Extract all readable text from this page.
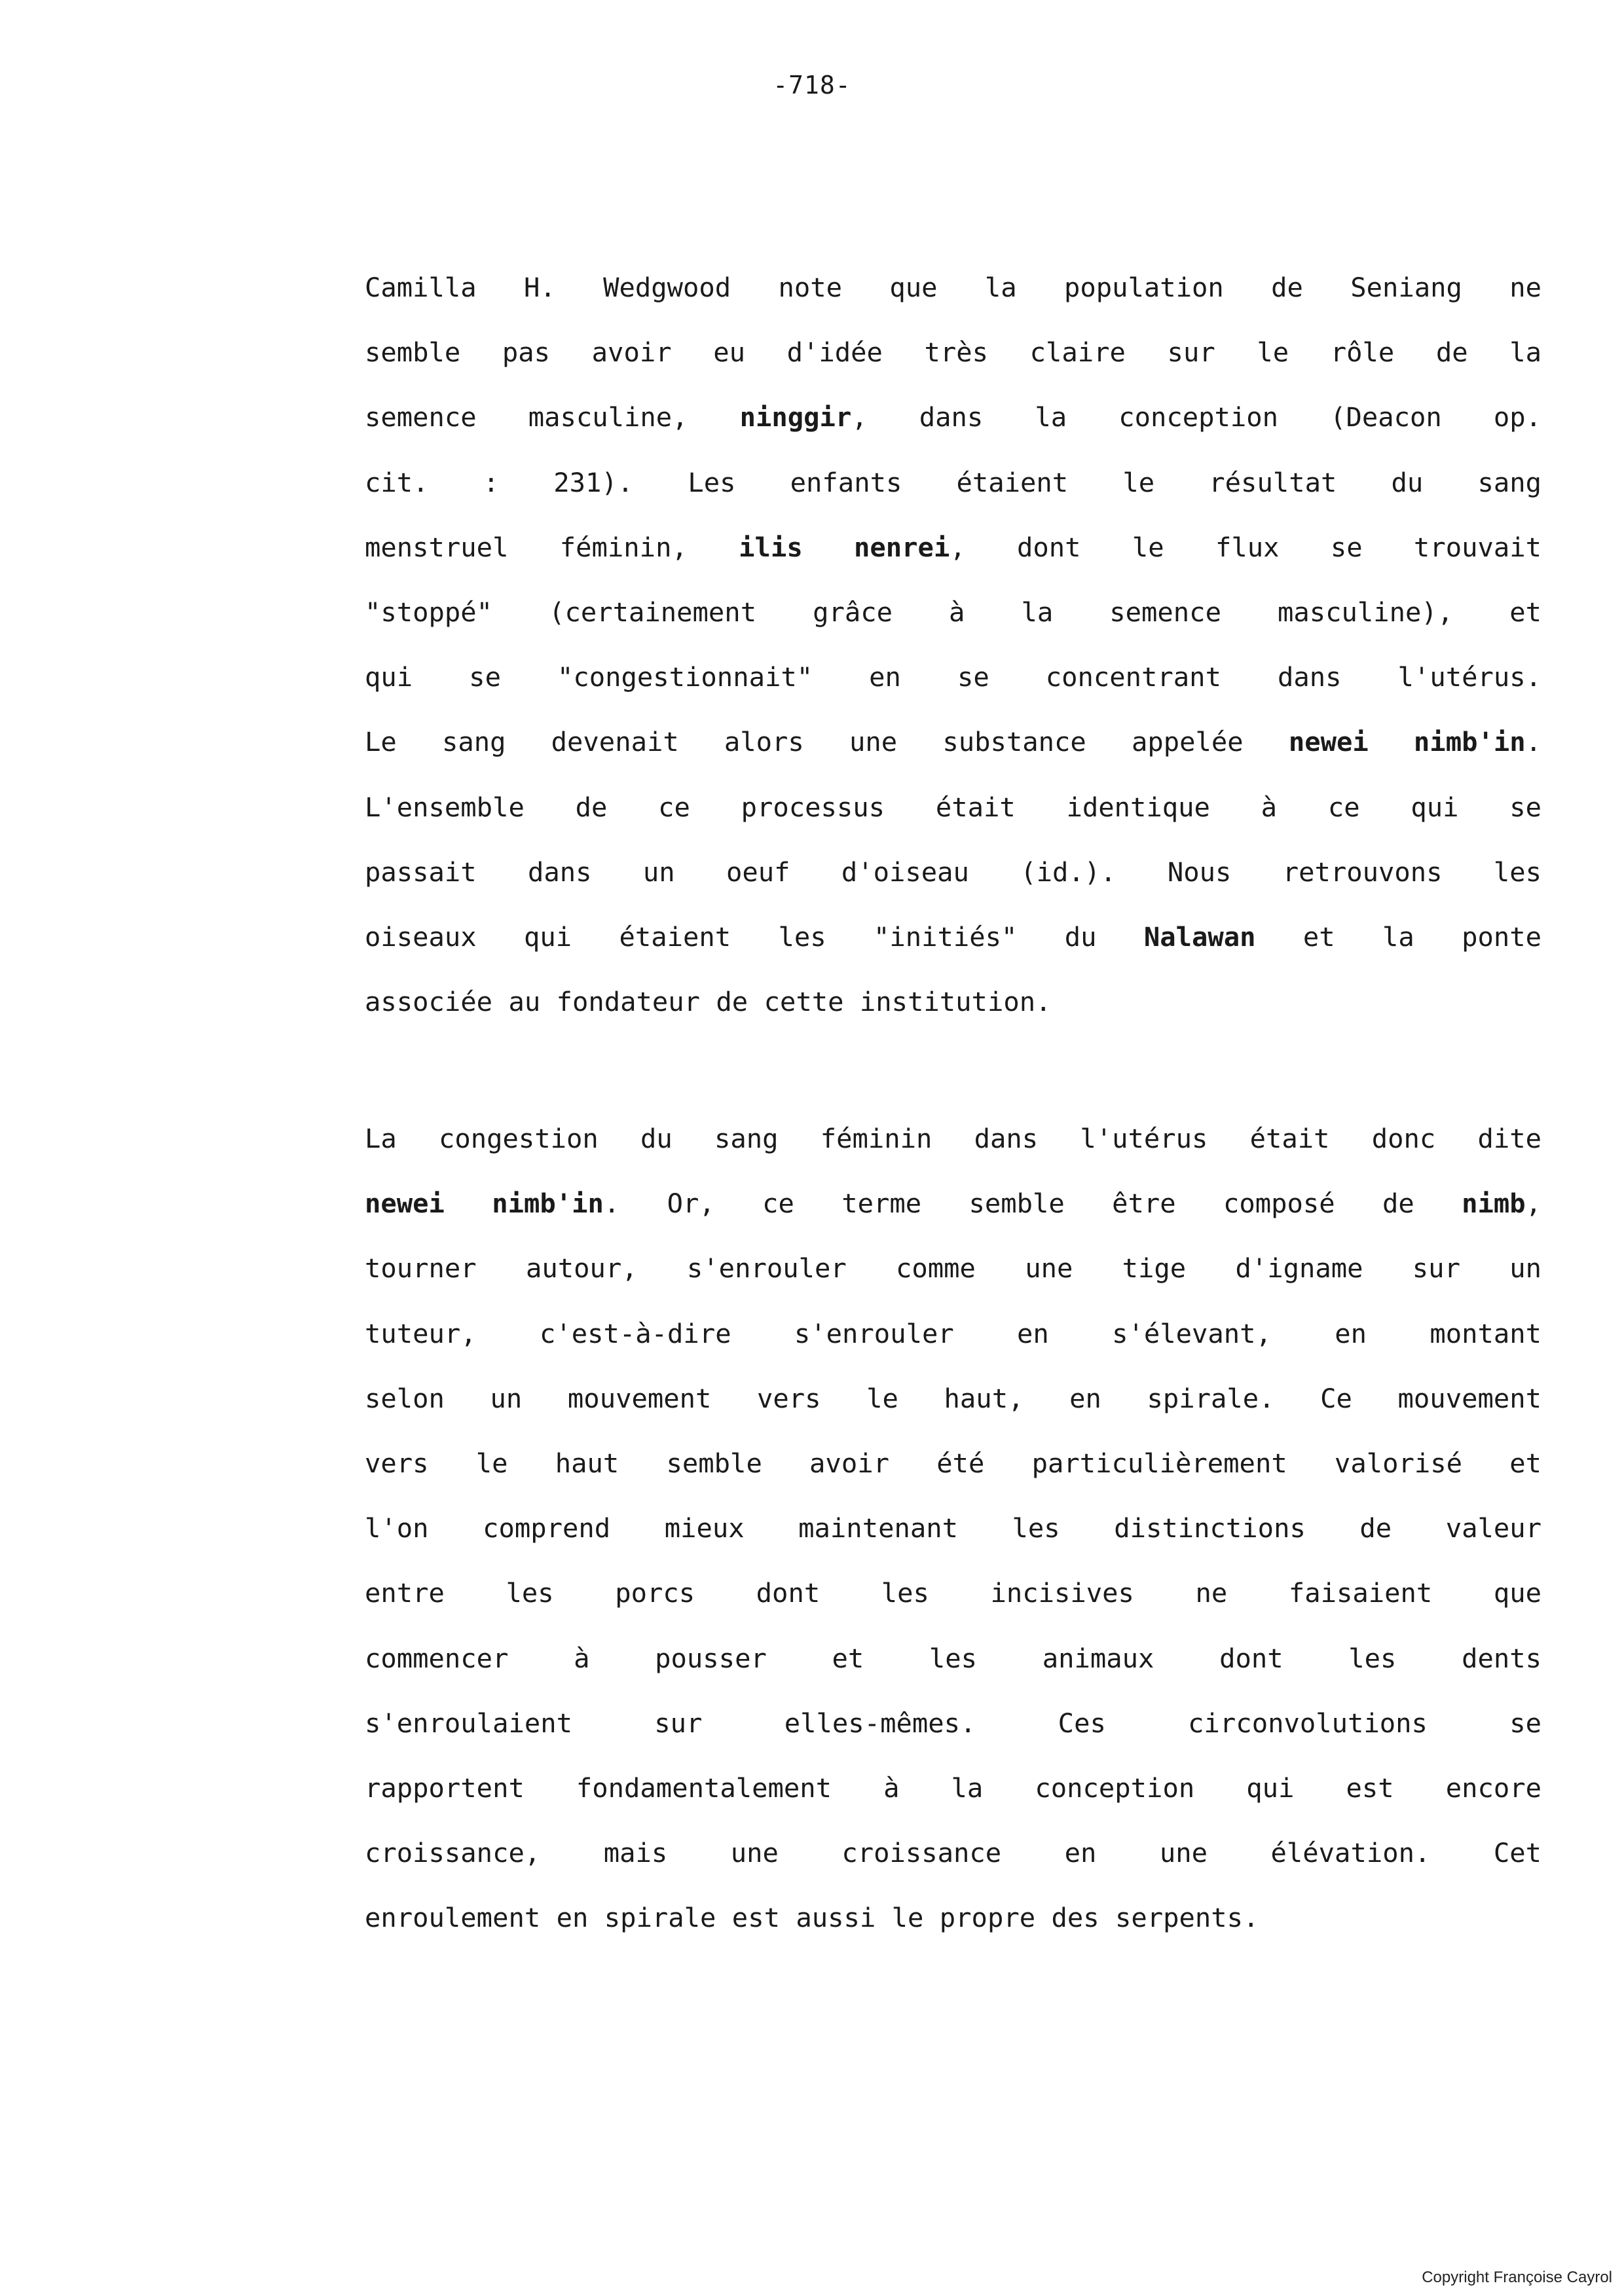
-718-
Camilla H. Wedgwood note que la population de Seniang ne
semble pas avoir eu d'idée très claire sur le rôle de la
semence masculine, ninggir, dans la conception (Deacon op.
cit. : 231). Les enfants étaient le résultat du sang
menstruel féminin, ilis nenrei, dont le flux se trouvait
"stoppé" (certainement grâce à la semence masculine), et
qui se "congestionnait" en se concentrant dans l'utérus.
Le sang devenait alors une substance appelée newei nimb'in.
L'ensemble de ce processus était identique à ce qui se
passait dans un oeuf d'oiseau (id.). Nous retrouvons les
oiseaux qui étaient les "initiés" du Nalawan et la ponte
associée au fondateur de cette institution.
La congestion du sang féminin dans l'utérus était donc dite
newei nimb'in. Or, ce terme semble être composé de nimb,
tourner autour, s'enrouler comme une tige d'igname sur un
tuteur, c'est-à-dire s'enrouler en s'élevant, en montant
selon un mouvement vers le haut, en spirale. Ce mouvement
vers le haut semble avoir été particulièrement valorisé et
l'on comprend mieux maintenant les distinctions de valeur
entre les porcs dont les incisives ne faisaient que
commencer à pousser et les animaux dont les dents
s'enroulaient sur elles-mêmes. Ces circonvolutions se
rapportent fondamentalement à la conception qui est encore
croissance, mais une croissance en une élévation. Cet
enroulement en spirale est aussi le propre des serpents.
Copyright Françoise Cayrol
